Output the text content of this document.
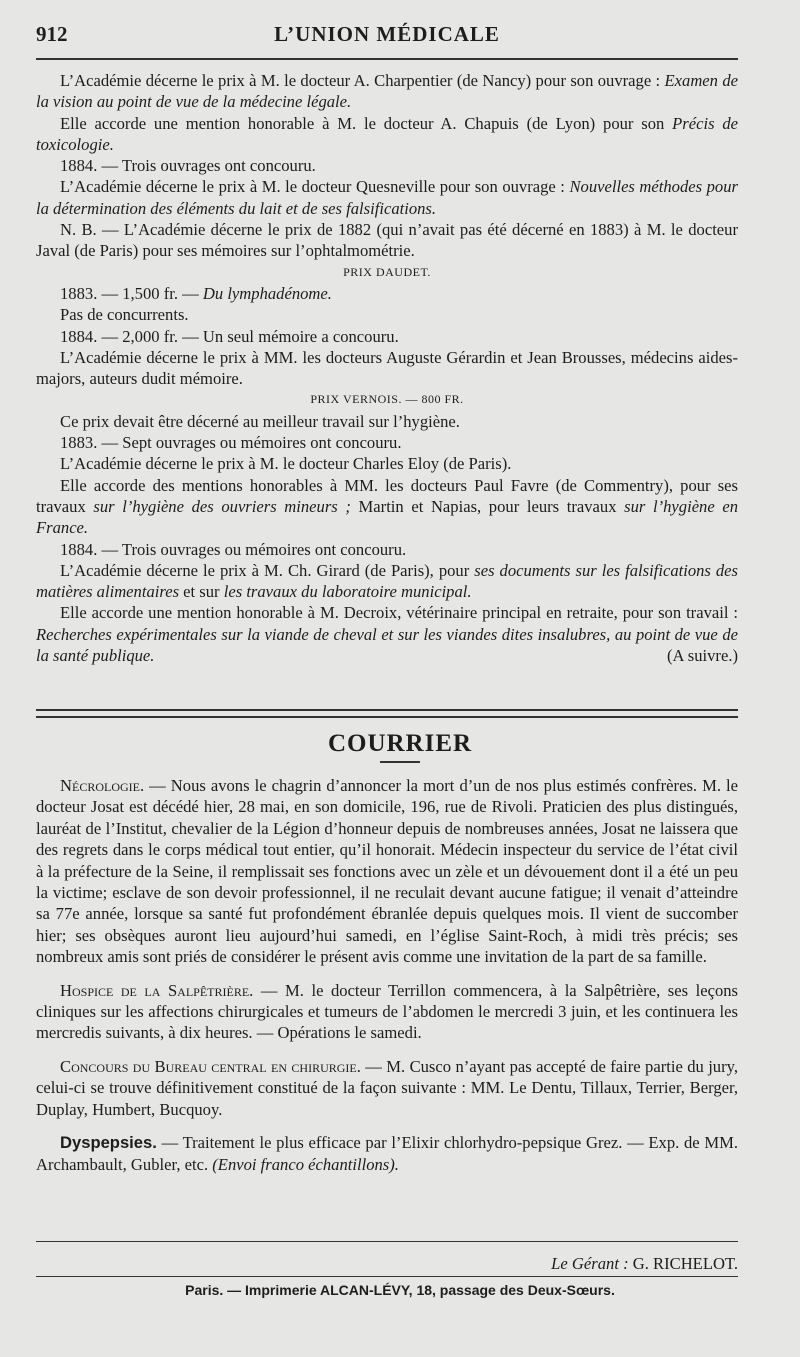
912	L’UNION MÉDICALE

L’Académie décerne le prix à M. le docteur A. Charpentier (de Nancy) pour son ouvrage : Examen de la vision au point de vue de la médecine légale.

Elle accorde une mention honorable à M. le docteur A. Chapuis (de Lyon) pour son Précis de toxicologie.

1884. — Trois ouvrages ont concouru.

L’Académie décerne le prix à M. le docteur Quesneville pour son ouvrage : Nouvelles méthodes pour la détermination des éléments du lait et de ses falsifications.

N. B. — L’Académie décerne le prix de 1882 (qui n’avait pas été décerné en 1883) à M. le docteur Javal (de Paris) pour ses mémoires sur l’ophtalmométrie.

PRIX DAUDET.

1883. — 1,500 fr. — Du lymphadénome.

Pas de concurrents.

1884. — 2,000 fr. — Un seul mémoire a concouru.

L’Académie décerne le prix à MM. les docteurs Auguste Gérardin et Jean Brousses, médecins aides-majors, auteurs dudit mémoire.

PRIX VERNOIS. — 800 FR.

Ce prix devait être décerné au meilleur travail sur l’hygiène.

1883. — Sept ouvrages ou mémoires ont concouru.

L’Académie décerne le prix à M. le docteur Charles Eloy (de Paris).

Elle accorde des mentions honorables à MM. les docteurs Paul Favre (de Commentry), pour ses travaux sur l’hygiène des ouvriers mineurs ; Martin et Napias, pour leurs travaux sur l’hygiène en France.

1884. — Trois ouvrages ou mémoires ont concouru.

L’Académie décerne le prix à M. Ch. Girard (de Paris), pour ses documents sur les falsifications des matières alimentaires et sur les travaux du laboratoire municipal.

Elle accorde une mention honorable à M. Decroix, vétérinaire principal en retraite, pour son travail : Recherches expérimentales sur la viande de cheval et sur les viandes dites insalubres, au point de vue de la santé publique.	(A suivre.)

COURRIER

Nécrologie. — Nous avons le chagrin d’annoncer la mort d’un de nos plus estimés confrères. M. le docteur Josat est décédé hier, 28 mai, en son domicile, 196, rue de Rivoli. Praticien des plus distingués, lauréat de l’Institut, chevalier de la Légion d’honneur depuis de nombreuses années, Josat ne laissera que des regrets dans le corps médical tout entier, qu’il honorait. Médecin inspecteur du service de l’état civil à la préfecture de la Seine, il remplissait ses fonctions avec un zèle et un dévouement dont il a été un peu la victime; esclave de son devoir professionnel, il ne reculait devant aucune fatigue; il venait d’atteindre sa 77e année, lorsque sa santé fut profondément ébranlée depuis quelques mois. Il vient de succomber hier; ses obsèques auront lieu aujourd’hui samedi, en l’église Saint-Roch, à midi très précis; ses nombreux amis sont priés de considérer le présent avis comme une invitation de la part de sa famille.

Hospice de la Salpêtrière. — M. le docteur Terrillon commencera, à la Salpêtrière, ses leçons cliniques sur les affections chirurgicales et tumeurs de l’abdomen le mercredi 3 juin, et les continuera les mercredis suivants, à dix heures. — Opérations le samedi.

Concours du Bureau central en chirurgie. — M. Cusco n’ayant pas accepté de faire partie du jury, celui-ci se trouve définitivement constitué de la façon suivante : MM. Le Dentu, Tillaux, Terrier, Berger, Duplay, Humbert, Bucquoy.

Dyspepsies. — Traitement le plus efficace par l’Elixir chlorhydro-pepsique Grez. — Exp. de MM. Archambault, Gubler, etc. (Envoi franco échantillons).

Le Gérant : G. RICHELOT.
Paris. — Imprimerie ALCAN-LÉVY, 18, passage des Deux-Sœurs.
